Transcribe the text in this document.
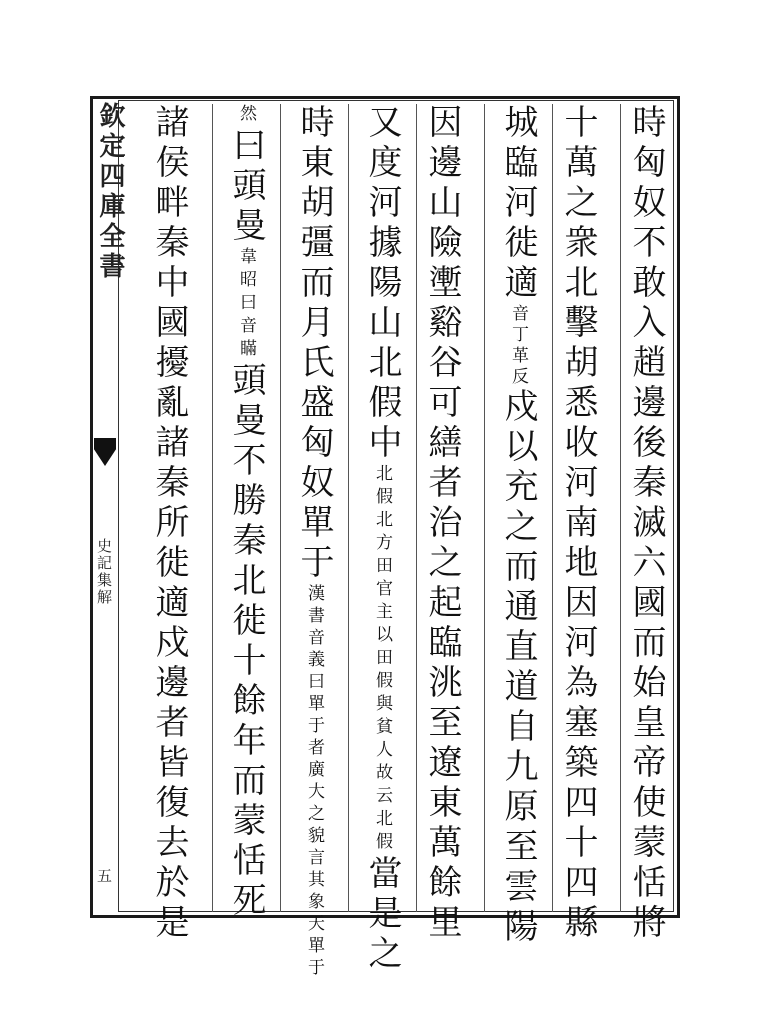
欽定四庫全書
史記集解
五	時匈奴不敢入趙邊後秦滅六國而始皇帝使蒙恬將
十萬之衆北擊胡悉收河南地因河為塞築四十四縣
城臨河徙適音丁革反戍以充之而通直道自九原至雲陽
因邊山險壍谿谷可繕者治之起臨洮至遼東萬餘里
又度河據陽山北假中北假北方田官主以田假與貧人故云北假當是之
時東胡彊而月氏盛匈奴單于漢書音義曰單于者廣大之貌言其象天單于
然曰頭曼韋昭曰音瞞頭曼不勝秦北徙十餘年而蒙恬死
諸侯畔秦中國擾亂諸秦所徙適戍邊者皆復去於是
